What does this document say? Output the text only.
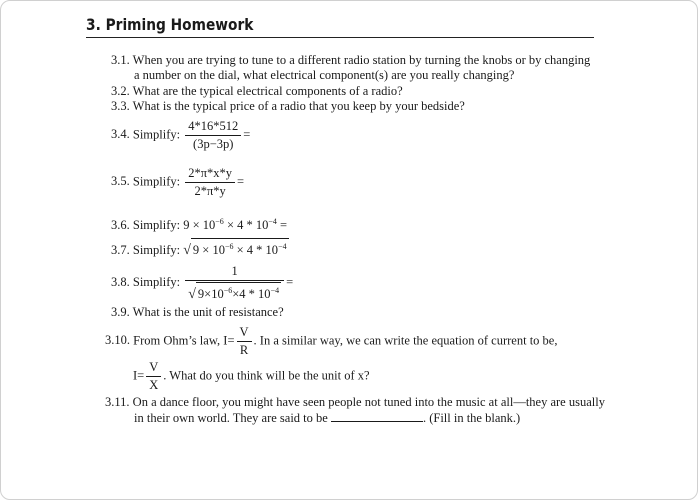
3. Priming Homework
3.1. When you are trying to tune to a different radio station by turning the knobs or by changing
a number on the dial, what electrical component(s) are you really changing?
3.2. What are the typical electrical components of a radio?
3.3. What is the typical price of a radio that you keep by your bedside?
3.4. Simplify: $\frac{4*16*512}{(3p-3p)}$ =
3.5. Simplify: $\frac{2*\pi*x*y}{2*\pi*y}$ =
3.6. Simplify: $9 \times 10^{-6} \times 4 * 10^{-4}$ =
3.7. Simplify: √ $9 \times 10^{-6} \times 4 * 10^{-4}$
3.8. Simplify: $\frac{1}{√ 9\times 10^{-6}\times 4 * 10^{-4}}$ =
3.9. What is the unit of resistance?
3.10. From Ohm’s law, $I= \frac{V}{R}$ . In a similar way, we can write the equation of current to be,
$I= \frac{V}{X}$ . What do you think will be the unit of x?
3.11. On a dance floor, you might have seen people not tuned into the music at all—they are usually
in their own world. They are said to be	. (Fill in the blank.)
